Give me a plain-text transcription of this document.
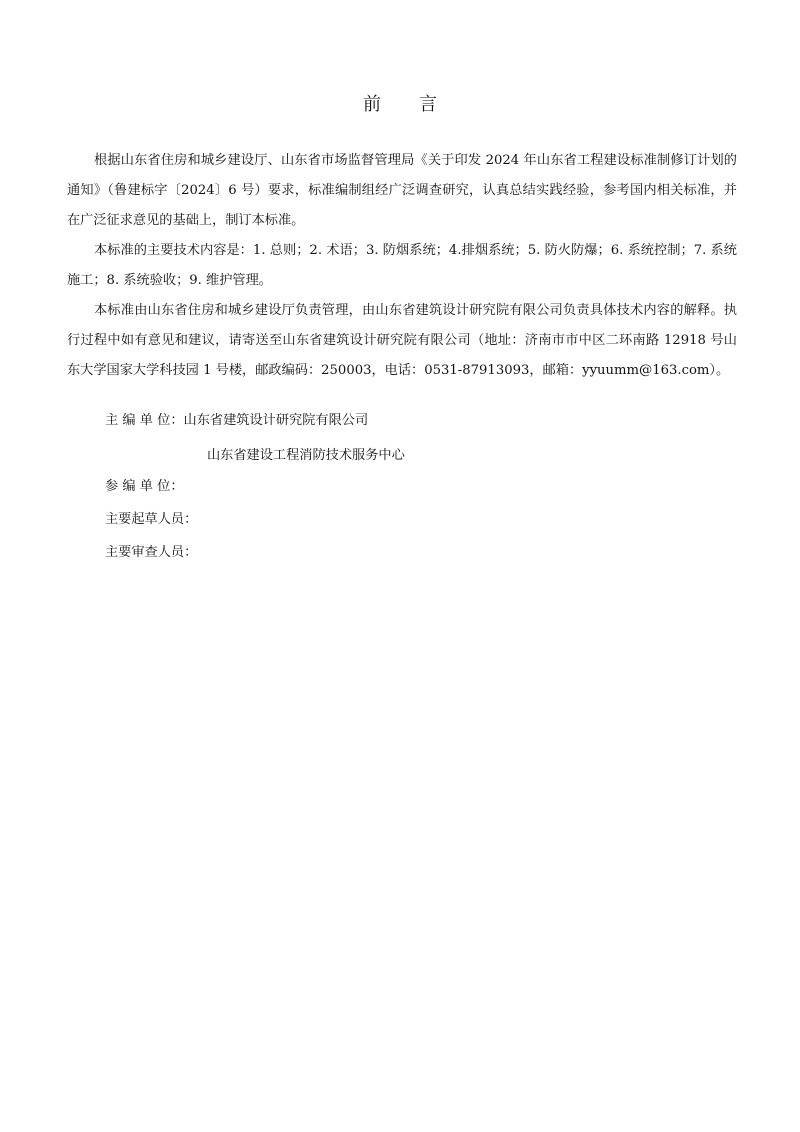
前 言

根据山东省住房和城乡建设厅、山东省市场监督管理局《关于印发 2024 年山东省工程建设标准制修订计划的通知》（鲁建标字〔2024〕6 号）要求，标准编制组经广泛调查研究，认真总结实践经验，参考国内相关标准，并在广泛征求意见的基础上，制订本标准。

本标准的主要技术内容是：1. 总则；2. 术语；3. 防烟系统；4.排烟系统；5. 防火防爆；6. 系统控制；7. 系统施工；8. 系统验收；9. 维护管理。

本标准由山东省住房和城乡建设厅负责管理，由山东省建筑设计研究院有限公司负责具体技术内容的解释。执行过程中如有意见和建议，请寄送至山东省建筑设计研究院有限公司（地址：济南市市中区二环南路 12918 号山东大学国家大学科技园 1 号楼，邮政编码：250003，电话：0531-87913093，邮箱：yyuumm@163.com）。

主 编 单 位：山东省建筑设计研究院有限公司
山东省建设工程消防技术服务中心
参 编 单 位：
主要起草人员：
主要审查人员：
